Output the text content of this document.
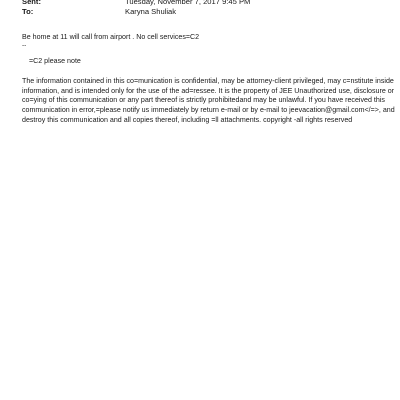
Sent:	Tuesday, November 7, 2017 9:45 PM
To:	Karyna Shuliak
Be home at 11 will call from airport . No cell services=C2
--
=C2 please note
The information contained in this co=munication is confidential, may be attorney-client privileged, may c=nstitute inside
information, and is intended only for the use of the ad=ressee. It is the property of JEE Unauthorized use, disclosure or
co=ying of this communication or any part thereof is strictly prohibitedand may be unlawful. If you have received this
communication in error,=please notify us immediately by return e-mail or by e-mail to jeevacation@gmail.com</=>, and
destroy this communication and all copies thereof, including =ll attachments. copyright -all rights reserved
